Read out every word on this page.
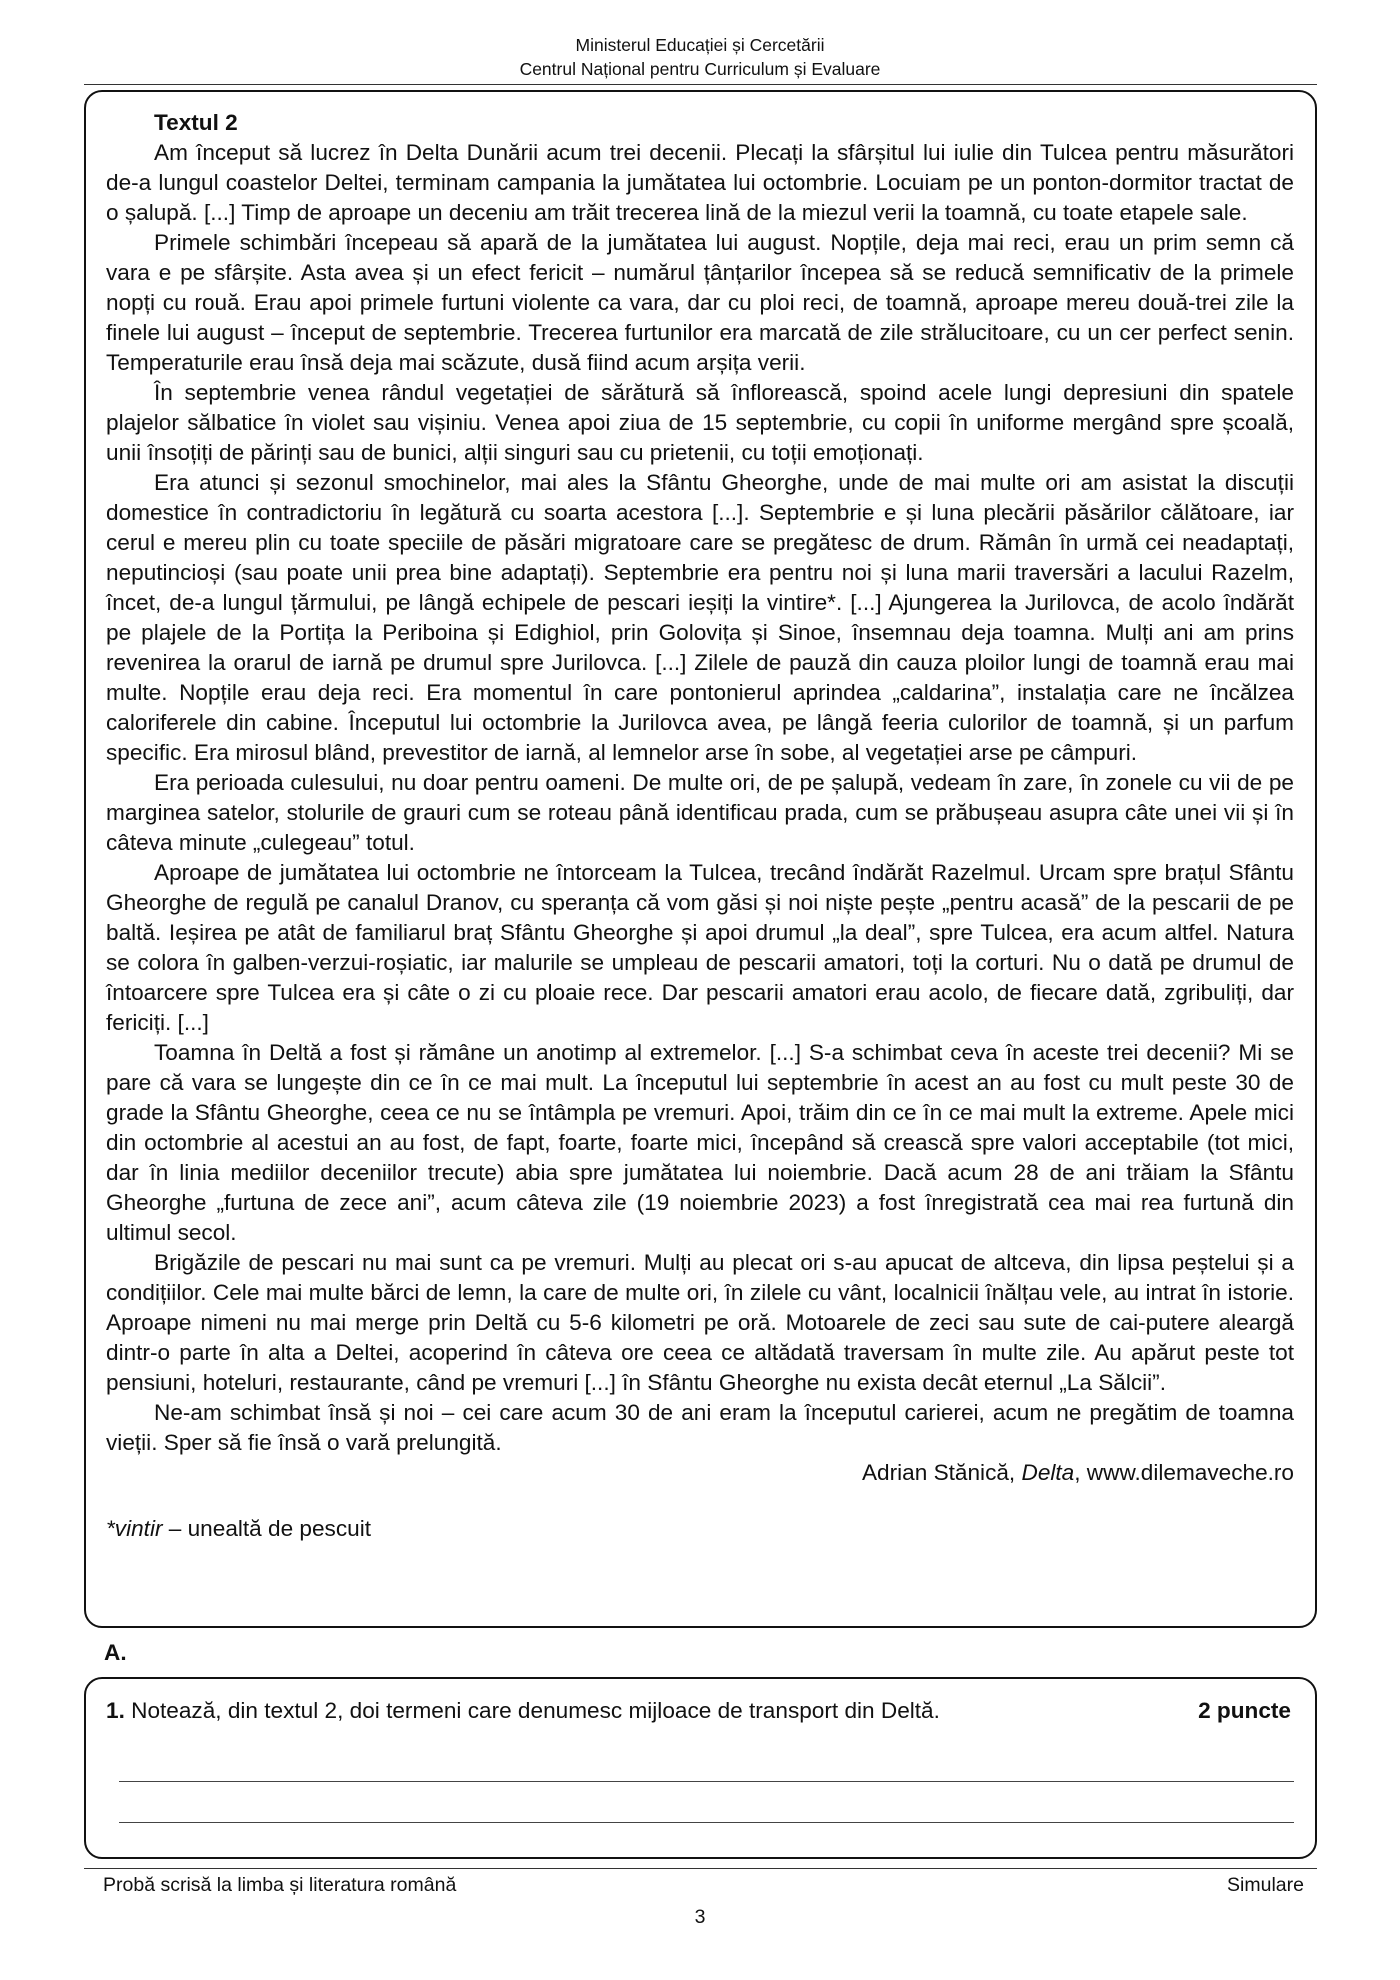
Ministerul Educației și Cercetării
Centrul Național pentru Curriculum și Evaluare
Textul 2

Am început să lucrez în Delta Dunării acum trei decenii. Plecați la sfârșitul lui iulie din Tulcea pentru măsurători de-a lungul coastelor Deltei, terminam campania la jumătatea lui octombrie. Locuiam pe un ponton-dormitor tractat de o șalupă. [...] Timp de aproape un deceniu am trăit trecerea lină de la miezul verii la toamnă, cu toate etapele sale.

Primele schimbări începeau să apară de la jumătatea lui august. Nopțile, deja mai reci, erau un prim semn că vara e pe sfârșite. Asta avea și un efect fericit – numărul țânțarilor începea să se reducă semnificativ de la primele nopți cu rouă. Erau apoi primele furtuni violente ca vara, dar cu ploi reci, de toamnă, aproape mereu două-trei zile la finele lui august – început de septembrie. Trecerea furtunilor era marcată de zile strălucitoare, cu un cer perfect senin. Temperaturile erau însă deja mai scăzute, dusă fiind acum arșița verii.

În septembrie venea rândul vegetației de sărătură să înflorească, spoind acele lungi depresiuni din spatele plajelor sălbatice în violet sau vișiniu. Venea apoi ziua de 15 septembrie, cu copii în uniforme mergând spre școală, unii însoțiți de părinți sau de bunici, alții singuri sau cu prietenii, cu toții emoționați.

Era atunci și sezonul smochinelor, mai ales la Sfântu Gheorghe, unde de mai multe ori am asistat la discuții domestice în contradictoriu în legătură cu soarta acestora [...]. Septembrie e și luna plecării păsărilor călătoare, iar cerul e mereu plin cu toate speciile de păsări migratoare care se pregătesc de drum. Rămân în urmă cei neadaptați, neputincioși (sau poate unii prea bine adaptați). Septembrie era pentru noi și luna marii traversări a lacului Razelm, încet, de-a lungul țărmului, pe lângă echipele de pescari ieșiți la vintire*. [...] Ajungerea la Jurilovca, de acolo îndărăt pe plajele de la Portița la Periboina și Edighiol, prin Golovița și Sinoe, însemnau deja toamna. Mulți ani am prins revenirea la orarul de iarnă pe drumul spre Jurilovca. [...] Zilele de pauză din cauza ploilor lungi de toamnă erau mai multe. Nopțile erau deja reci. Era momentul în care pontonierul aprindea „caldarina”, instalația care ne încălzea caloriferele din cabine. Începutul lui octombrie la Jurilovca avea, pe lângă feeria culorilor de toamnă, și un parfum specific. Era mirosul blând, prevestitor de iarnă, al lemnelor arse în sobe, al vegetației arse pe câmpuri.

Era perioada culesului, nu doar pentru oameni. De multe ori, de pe șalupă, vedeam în zare, în zonele cu vii de pe marginea satelor, stolurile de grauri cum se roteau până identificau prada, cum se prăbușeau asupra câte unei vii și în câteva minute „culegeau” totul.

Aproape de jumătatea lui octombrie ne întorceam la Tulcea, trecând îndărăt Razelmul. Urcam spre brațul Sfântu Gheorghe de regulă pe canalul Dranov, cu speranța că vom găsi și noi niște pește „pentru acasă” de la pescarii de pe baltă. Ieșirea pe atât de familiarul braț Sfântu Gheorghe și apoi drumul „la deal”, spre Tulcea, era acum altfel. Natura se colora în galben-verzui-roșiatic, iar malurile se umpleau de pescarii amatori, toți la corturi. Nu o dată pe drumul de întoarcere spre Tulcea era și câte o zi cu ploaie rece. Dar pescarii amatori erau acolo, de fiecare dată, zgribuliți, dar fericiți. [...]

Toamna în Deltă a fost și rămâne un anotimp al extremelor. [...] S-a schimbat ceva în aceste trei decenii? Mi se pare că vara se lungește din ce în ce mai mult. La începutul lui septembrie în acest an au fost cu mult peste 30 de grade la Sfântu Gheorghe, ceea ce nu se întâmpla pe vremuri. Apoi, trăim din ce în ce mai mult la extreme. Apele mici din octombrie al acestui an au fost, de fapt, foarte, foarte mici, începând să crească spre valori acceptabile (tot mici, dar în linia mediilor deceniilor trecute) abia spre jumătatea lui noiembrie. Dacă acum 28 de ani trăiam la Sfântu Gheorghe „furtuna de zece ani”, acum câteva zile (19 noiembrie 2023) a fost înregistrată cea mai rea furtună din ultimul secol.

Brigăzile de pescari nu mai sunt ca pe vremuri. Mulți au plecat ori s-au apucat de altceva, din lipsa peștelui și a condițiilor. Cele mai multe bărci de lemn, la care de multe ori, în zilele cu vânt, localnicii înălțau vele, au intrat în istorie. Aproape nimeni nu mai merge prin Deltă cu 5-6 kilometri pe oră. Motoarele de zeci sau sute de cai-putere aleargă dintr-o parte în alta a Deltei, acoperind în câteva ore ceea ce altădată traversam în multe zile. Au apărut peste tot pensiuni, hoteluri, restaurante, când pe vremuri [...] în Sfântu Gheorghe nu exista decât eternul „La Sălcii”.

Ne-am schimbat însă și noi – cei care acum 30 de ani eram la începutul carierei, acum ne pregătim de toamna vieții. Sper să fie însă o vară prelungită.

Adrian Stănică, Delta, www.dilemaveche.ro

*vintir – unealtă de pescuit

A.
1. Notează, din textul 2, doi termeni care denumesc mijloace de transport din Deltă.	2 puncte
Probă scrisă la limba și literatura română	Simulare
3
